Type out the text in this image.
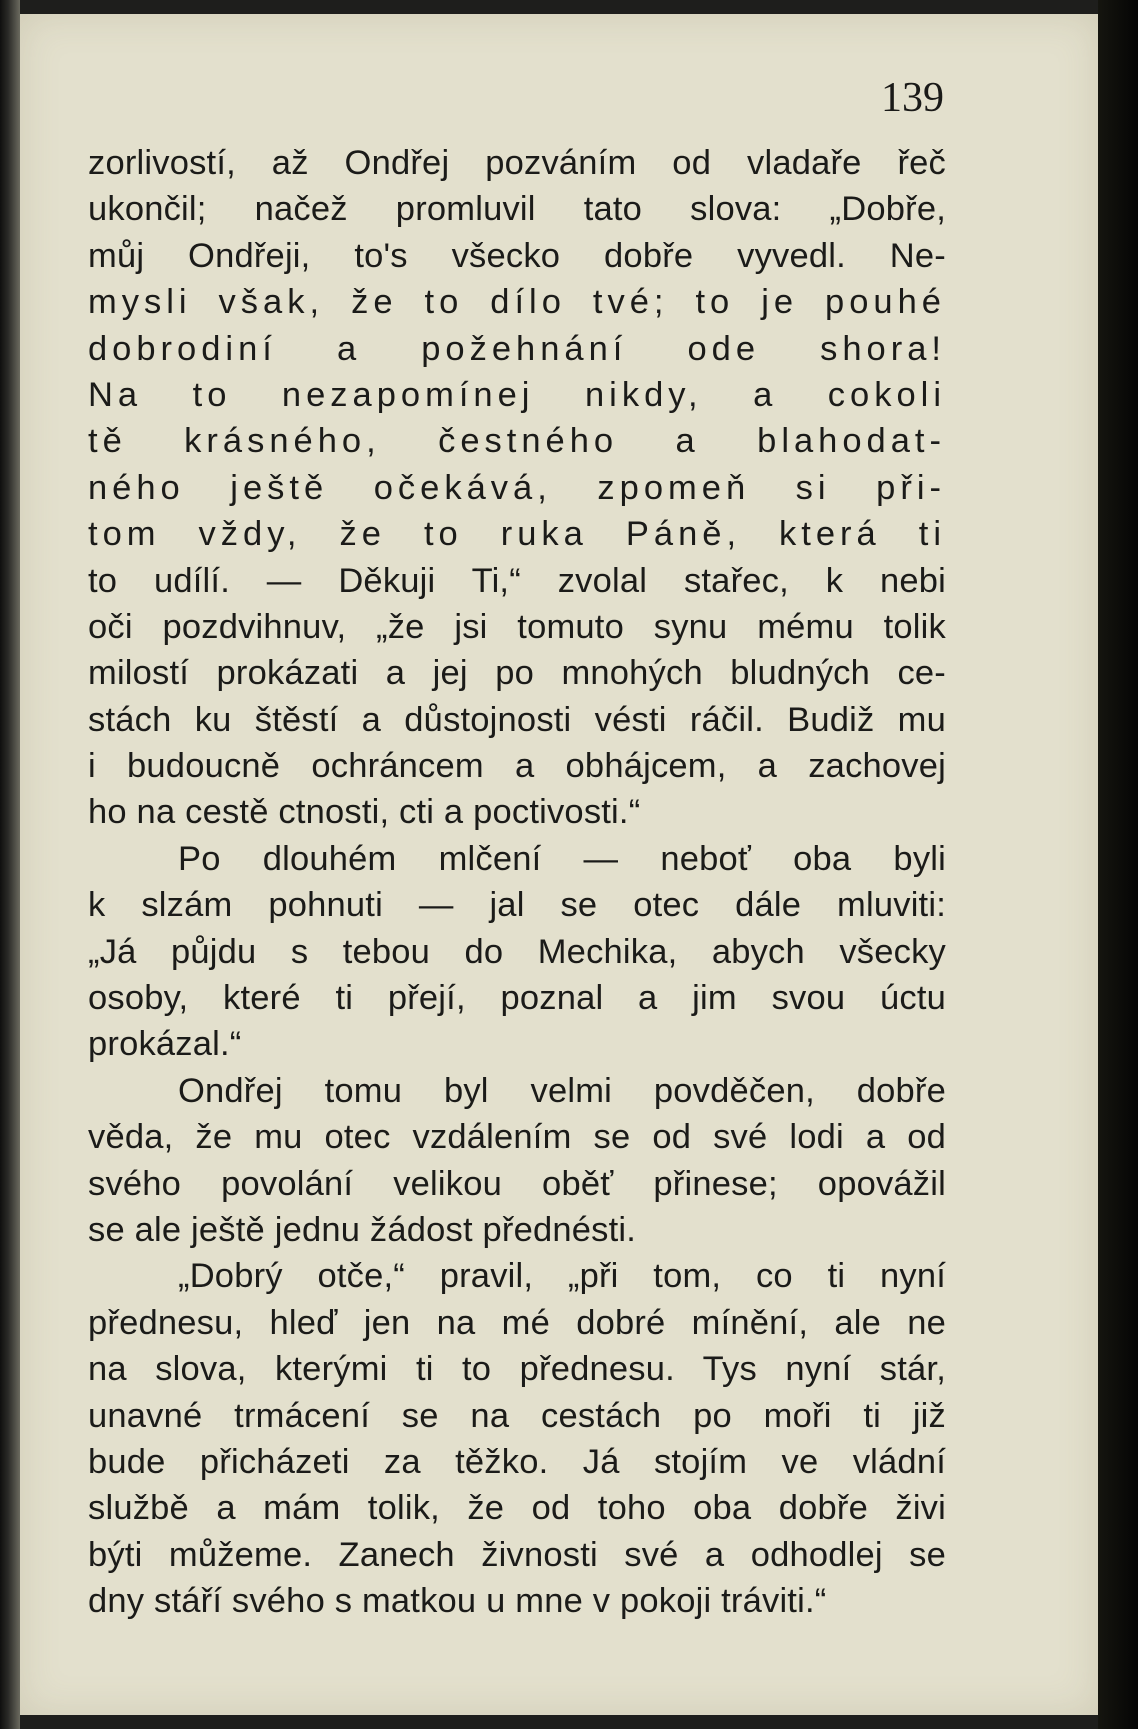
139

zorlivostí, až Ondřej pozváním od vladaře řeč
ukončil; načež promluvil tato slova: „Dobře,
můj Ondřeji, to's všecko dobře vyvedl. Ne-
mysli však, že to dílo tvé; to je pouhé
dobrodiní a požehnání ode shora!
Na to nezapomínej nikdy, a cokoli
tě krásného, čestného a blahodat-
ného ještě očekává, zpomeň si při-
tom vždy, že to ruka Páně, která ti
to udílí. — Děkuji Ti,“ zvolal stařec, k nebi
oči pozdvihnuv, „že jsi tomuto synu mému tolik
milostí prokázati a jej po mnohých bludných ce-
stách ku štěstí a důstojnosti vésti ráčil. Budiž mu
i budoucně ochráncem a obhájcem, a zachovej
ho na cestě ctnosti, cti a poctivosti.“
Po dlouhém mlčení — neboť oba byli
k slzám pohnuti — jal se otec dále mluviti:
„Já půjdu s tebou do Mechika, abych všecky
osoby, které ti přejí, poznal a jim svou úctu
prokázal.“
Ondřej tomu byl velmi povděčen, dobře
věda, že mu otec vzdálením se od své lodi a od
svého povolání velikou oběť přinese; opovážil
se ale ještě jednu žádost přednésti.
„Dobrý otče,“ pravil, „při tom, co ti nyní
přednesu, hleď jen na mé dobré mínění, ale ne
na slova, kterými ti to přednesu. Tys nyní stár,
unavné trmácení se na cestách po moři ti již
bude přicházeti za těžko. Já stojím ve vládní
službě a mám tolik, že od toho oba dobře živi
býti můžeme. Zanech živnosti své a odhodlej se
dny stáří svého s matkou u mne v pokoji tráviti.“
